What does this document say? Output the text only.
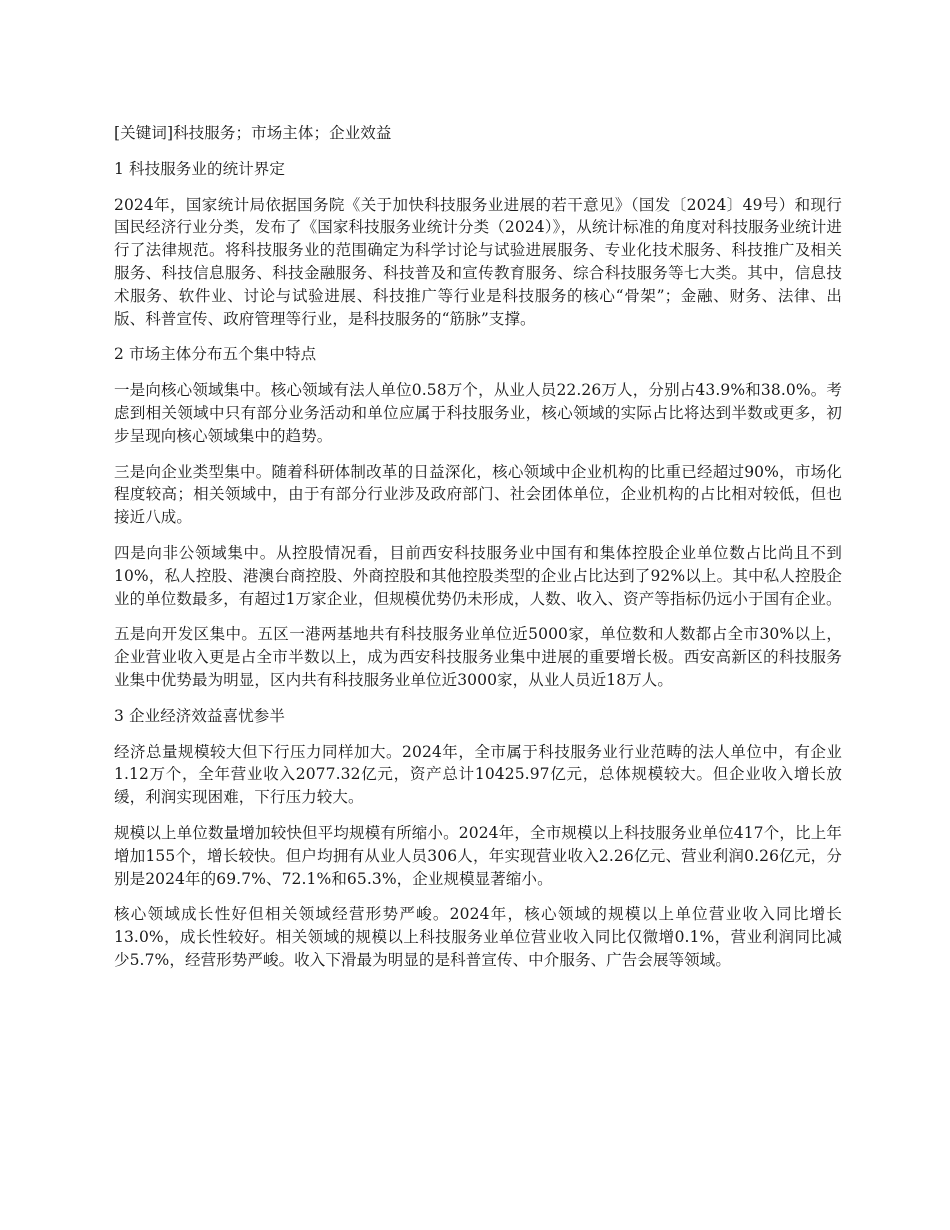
[关键词]科技服务；市场主体；企业效益

1 科技服务业的统计界定

2024年，国家统计局依据国务院《关于加快科技服务业进展的若干意见》（国发〔2024〕49号）和现行国民经济行业分类，发布了《国家科技服务业统计分类（2024）》，从统计标准的角度对科技服务业统计进行了法律规范。将科技服务业的范围确定为科学讨论与试验进展服务、专业化技术服务、科技推广及相关服务、科技信息服务、科技金融服务、科技普及和宣传教育服务、综合科技服务等七大类。其中，信息技术服务、软件业、讨论与试验进展、科技推广等行业是科技服务的核心“骨架”；金融、财务、法律、出版、科普宣传、政府管理等行业，是科技服务的“筋脉”支撑。

2 市场主体分布五个集中特点

一是向核心领域集中。核心领域有法人单位0.58万个，从业人员22.26万人，分别占43.9%和38.0%。考虑到相关领域中只有部分业务活动和单位应属于科技服务业，核心领域的实际占比将达到半数或更多，初步呈现向核心领域集中的趋势。

三是向企业类型集中。随着科研体制改革的日益深化，核心领域中企业机构的比重已经超过90%，市场化程度较高；相关领域中，由于有部分行业涉及政府部门、社会团体单位，企业机构的占比相对较低，但也接近八成。

四是向非公领域集中。从控股情况看，目前西安科技服务业中国有和集体控股企业单位数占比尚且不到10%，私人控股、港澳台商控股、外商控股和其他控股类型的企业占比达到了92%以上。其中私人控股企业的单位数最多，有超过1万家企业，但规模优势仍未形成，人数、收入、资产等指标仍远小于国有企业。

五是向开发区集中。五区一港两基地共有科技服务业单位近5000家，单位数和人数都占全市30%以上，企业营业收入更是占全市半数以上，成为西安科技服务业集中进展的重要增长极。西安高新区的科技服务业集中优势最为明显，区内共有科技服务业单位近3000家，从业人员近18万人。

3 企业经济效益喜忧参半

经济总量规模较大但下行压力同样加大。2024年，全市属于科技服务业行业范畴的法人单位中，有企业1.12万个，全年营业收入2077.32亿元，资产总计10425.97亿元，总体规模较大。但企业收入增长放缓，利润实现困难，下行压力较大。

规模以上单位数量增加较快但平均规模有所缩小。2024年，全市规模以上科技服务业单位417个，比上年增加155个，增长较快。但户均拥有从业人员306人，年实现营业收入2.26亿元、营业利润0.26亿元，分别是2024年的69.7%、72.1%和65.3%，企业规模显著缩小。

核心领域成长性好但相关领域经营形势严峻。2024年，核心领域的规模以上单位营业收入同比增长13.0%，成长性较好。相关领域的规模以上科技服务业单位营业收入同比仅微增0.1%，营业利润同比减少5.7%，经营形势严峻。收入下滑最为明显的是科普宣传、中介服务、广告会展等领域。
